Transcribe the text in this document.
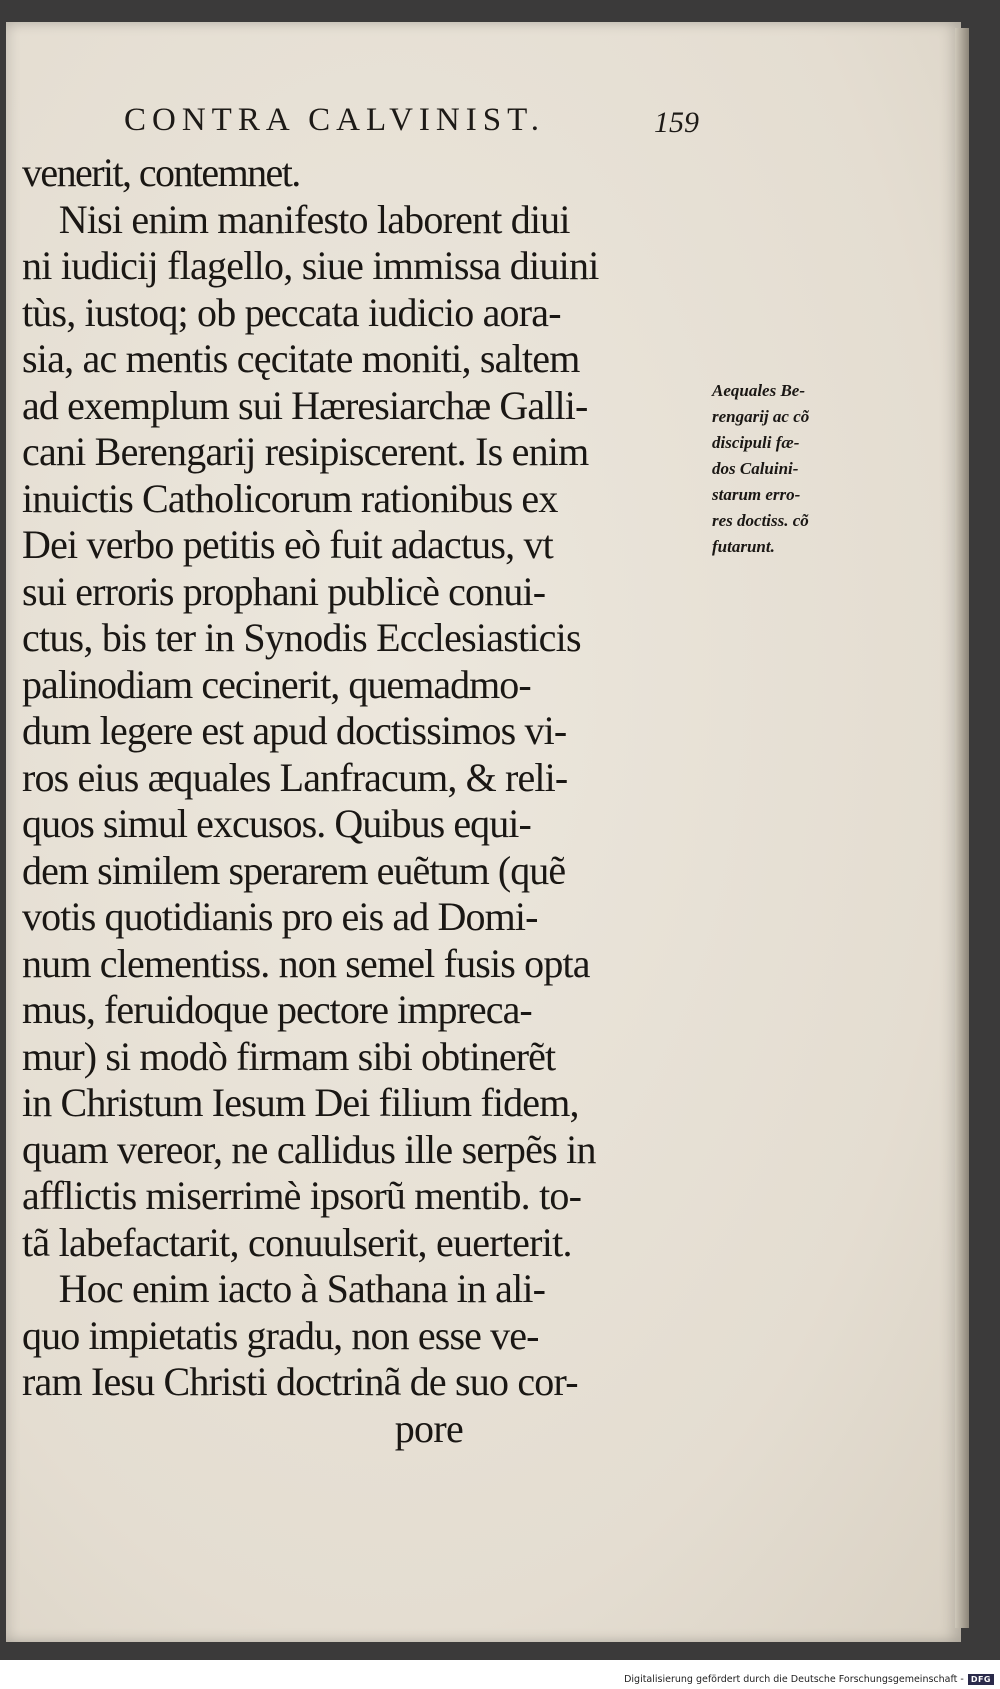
CONTRA CALVINIST.	159
venerit, contemnet.
Nisi enim manifesto laborent diui
ni iudicij flagello, siue immissa diuini
tùs, iustoq; ob peccata iudicio aora-
sia, ac mentis cęcitate moniti, saltem
ad exemplum sui Hæresiarchæ Galli-
cani Berengarij resipiscerent. Is enim
inuictis Catholicorum rationibus ex
Dei verbo petitis eò fuit adactus, vt
sui erroris prophani publicè conui-
ctus, bis ter in Synodis Ecclesiasticis
palinodiam cecinerit, quemadmo-
dum legere est apud doctissimos vi-
ros eius æquales Lanfracum, & reli-
quos simul excusos. Quibus equi-
dem similem sperarem euẽtum (quẽ
votis quotidianis pro eis ad Domi-
num clementiss. non semel fusis opta
mus, feruidoque pectore impreca-
mur) si modò firmam sibi obtinerẽt
in Christum Iesum Dei filium fidem,
quam vereor, ne callidus ille serpẽs in
afflictis miserrimè ipsorũ mentib. to-
tã labefactarit, conuulserit, euerterit.
Hoc enim iacto à Sathana in ali-
quo impietatis gradu, non esse ve-
ram Iesu Christi doctrinã de suo cor-
pore
Aequales Be-
rengarij ac cõ
discipuli fæ-
dos Caluini-
starum erro-
res doctiss. cõ
futarunt.
Digitalisierung gefördert durch die Deutsche Forschungsgemeinschaft - DFG
